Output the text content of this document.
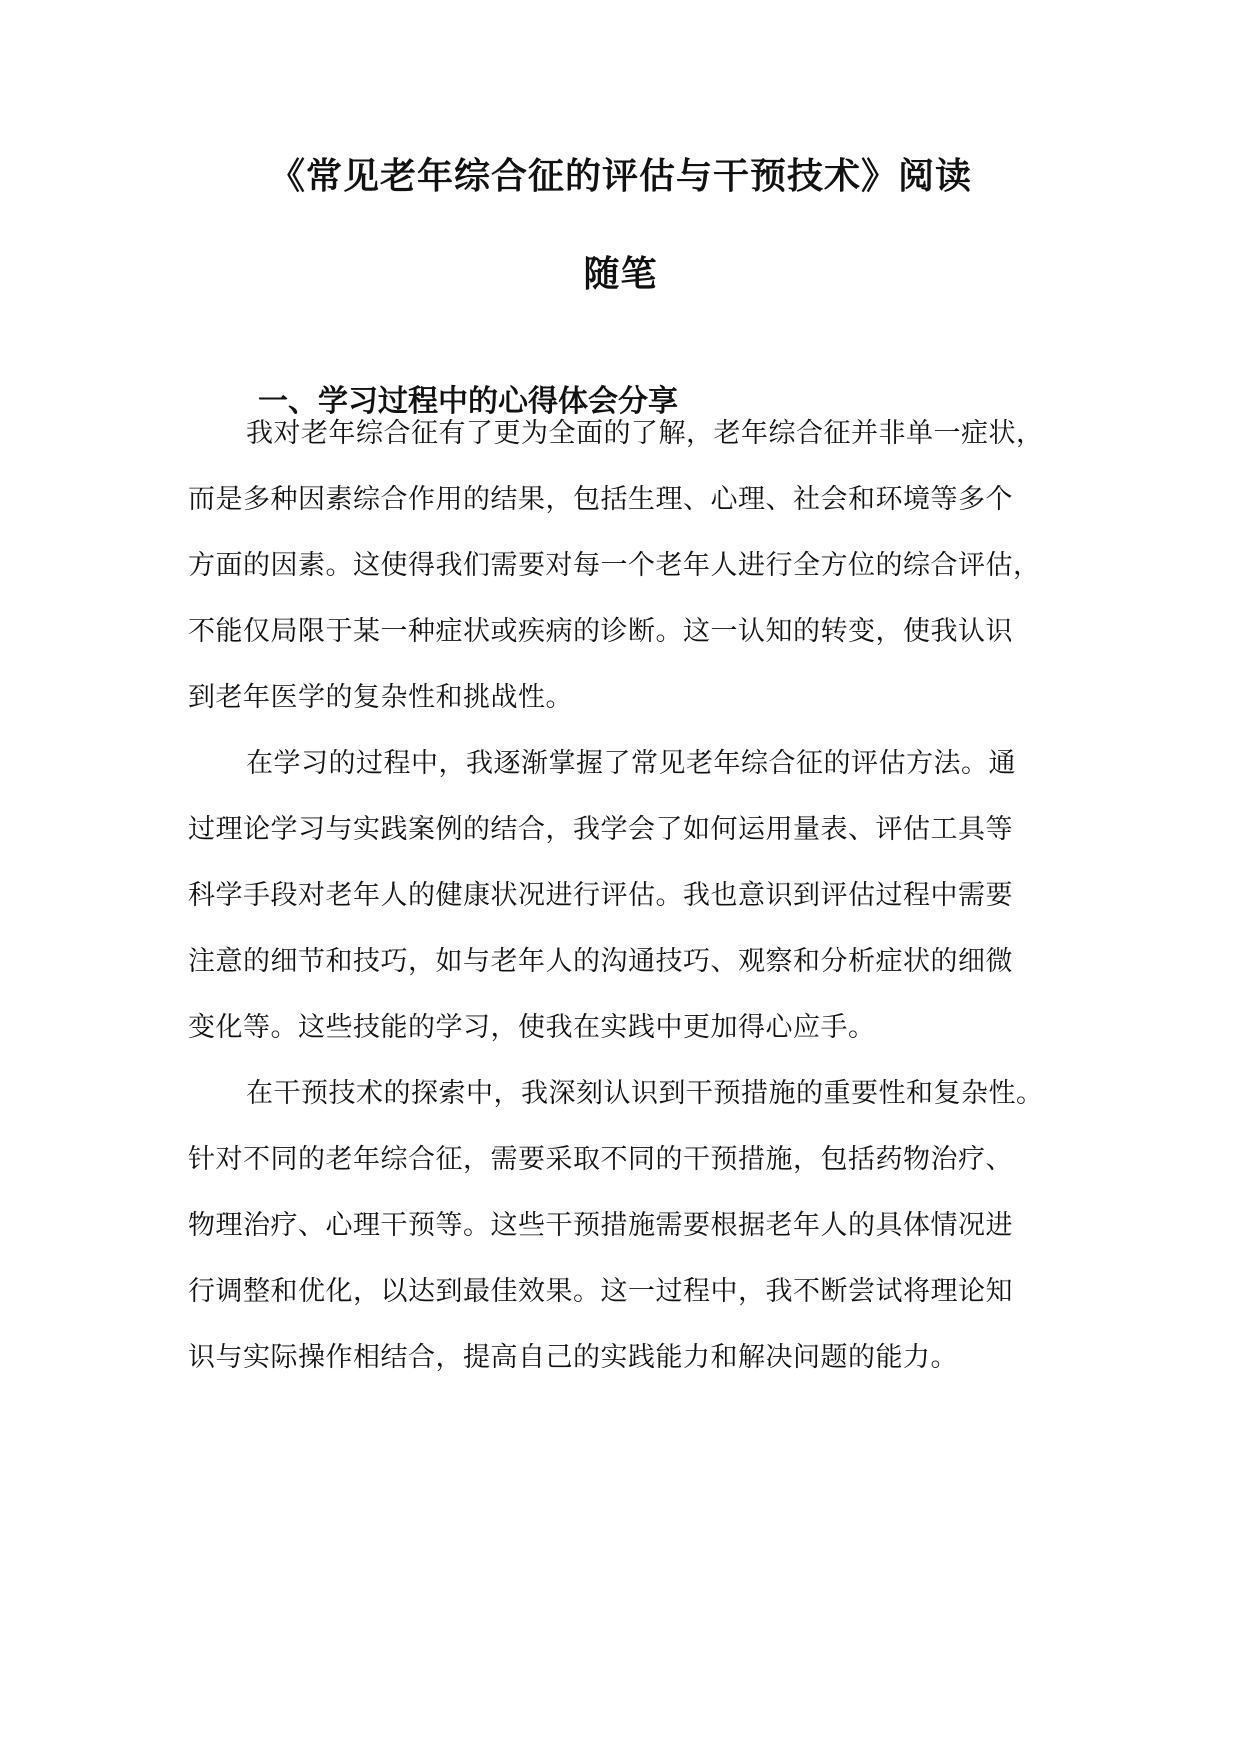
《常见老年综合征的评估与干预技术》阅读
随笔
一、学习过程中的心得体会分享
我对老年综合征有了更为全面的了解，老年综合征并非单一症状，
而是多种因素综合作用的结果，包括生理、心理、社会和环境等多个
方面的因素。这使得我们需要对每一个老年人进行全方位的综合评估，
不能仅局限于某一种症状或疾病的诊断。这一认知的转变，使我认识
到老年医学的复杂性和挑战性。
在学习的过程中，我逐渐掌握了常见老年综合征的评估方法。通
过理论学习与实践案例的结合，我学会了如何运用量表、评估工具等
科学手段对老年人的健康状况进行评估。我也意识到评估过程中需要
注意的细节和技巧，如与老年人的沟通技巧、观察和分析症状的细微
变化等。这些技能的学习，使我在实践中更加得心应手。
在干预技术的探索中，我深刻认识到干预措施的重要性和复杂性。
针对不同的老年综合征，需要采取不同的干预措施，包括药物治疗、
物理治疗、心理干预等。这些干预措施需要根据老年人的具体情况进
行调整和优化，以达到最佳效果。这一过程中，我不断尝试将理论知
识与实际操作相结合，提高自己的实践能力和解决问题的能力。
